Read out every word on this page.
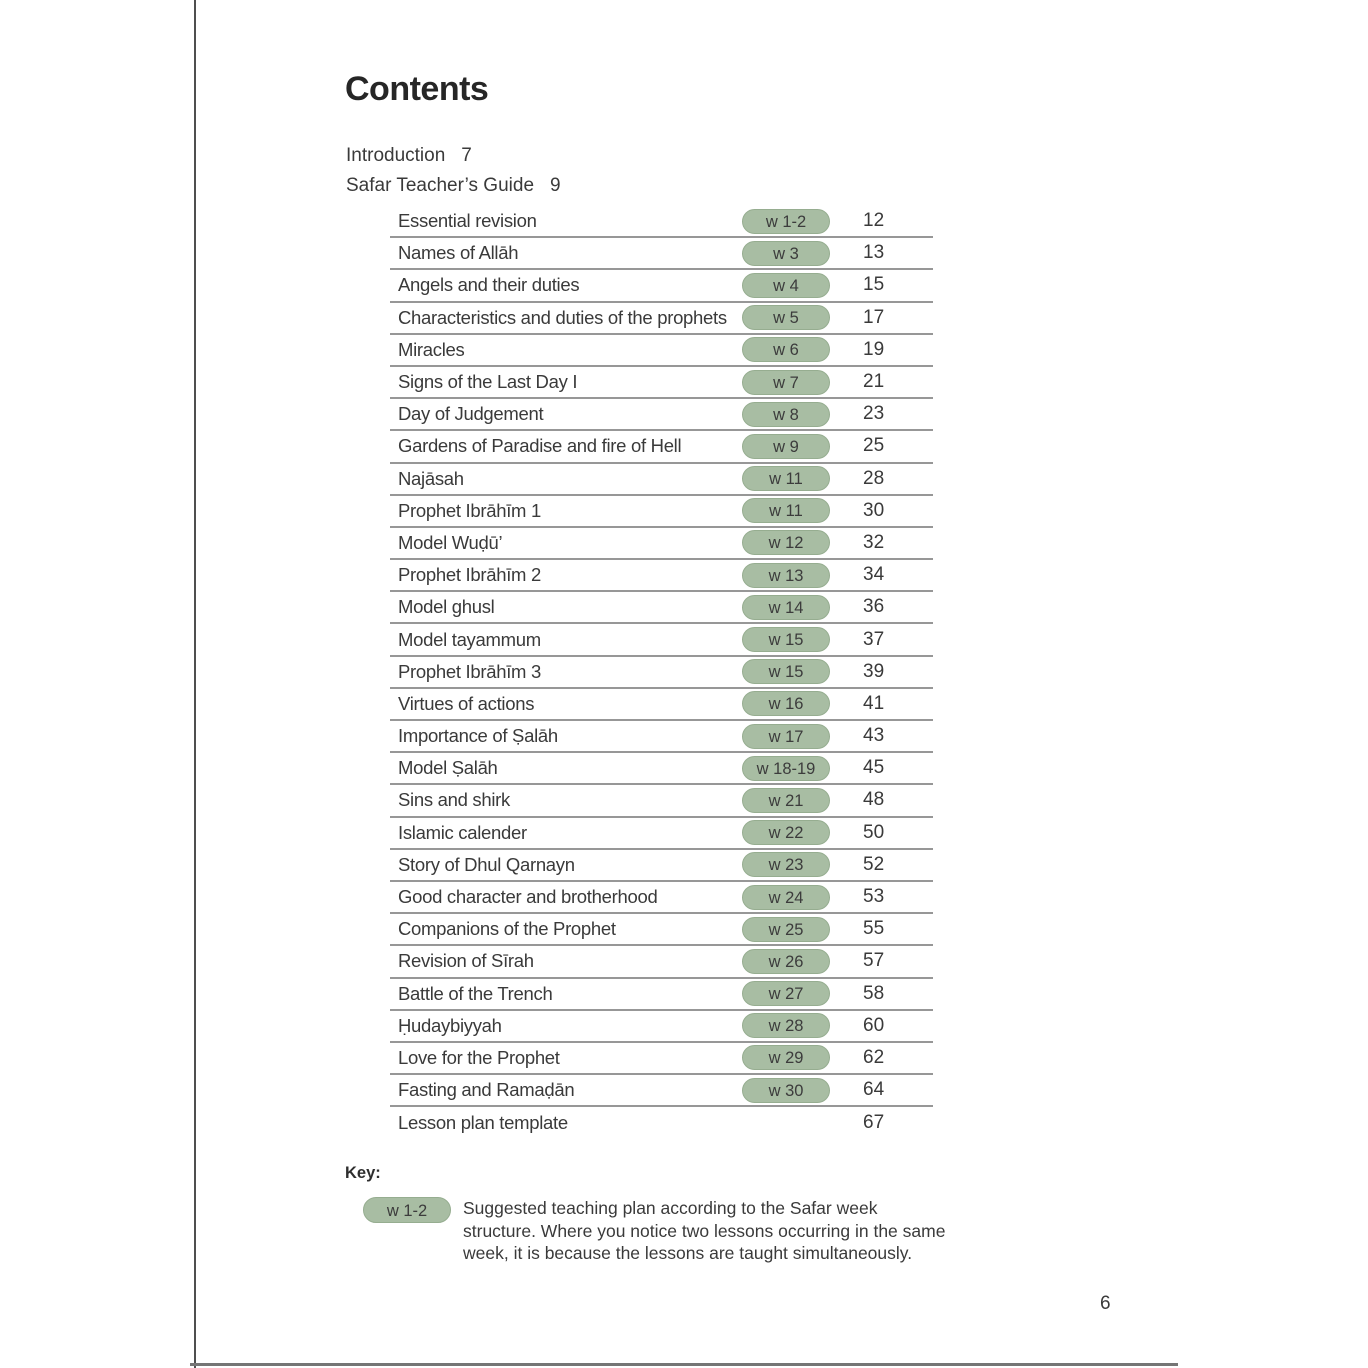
Contents
Introduction 7
Safar Teacher’s Guide 9
Essential revision	w 1-2	12
Names of Allāh	w 3	13
Angels and their duties	w 4	15
Characteristics and duties of the prophets	w 5	17
Miracles	w 6	19
Signs of the Last Day I	w 7	21
Day of Judgement	w 8	23
Gardens of Paradise and fire of Hell	w 9	25
Najāsah	w 11	28
Prophet Ibrāhīm 1	w 11	30
Model Wuḍū’	w 12	32
Prophet Ibrāhīm 2	w 13	34
Model ghusl	w 14	36
Model tayammum	w 15	37
Prophet Ibrāhīm 3	w 15	39
Virtues of actions	w 16	41
Importance of Ṣalāh	w 17	43
Model Ṣalāh	w 18-19	45
Sins and shirk	w 21	48
Islamic calender	w 22	50
Story of Dhul Qarnayn	w 23	52
Good character and brotherhood	w 24	53
Companions of the Prophet	w 25	55
Revision of Sīrah	w 26	57
Battle of the Trench	w 27	58
Ḥudaybiyyah	w 28	60
Love for the Prophet	w 29	62
Fasting and Ramaḍān	w 30	64
Lesson plan template	67

Key:

w 1-2	Suggested teaching plan according to the Safar week structure. Where you notice two lessons occurring in the same week, it is because the lessons are taught simultaneously.
6
